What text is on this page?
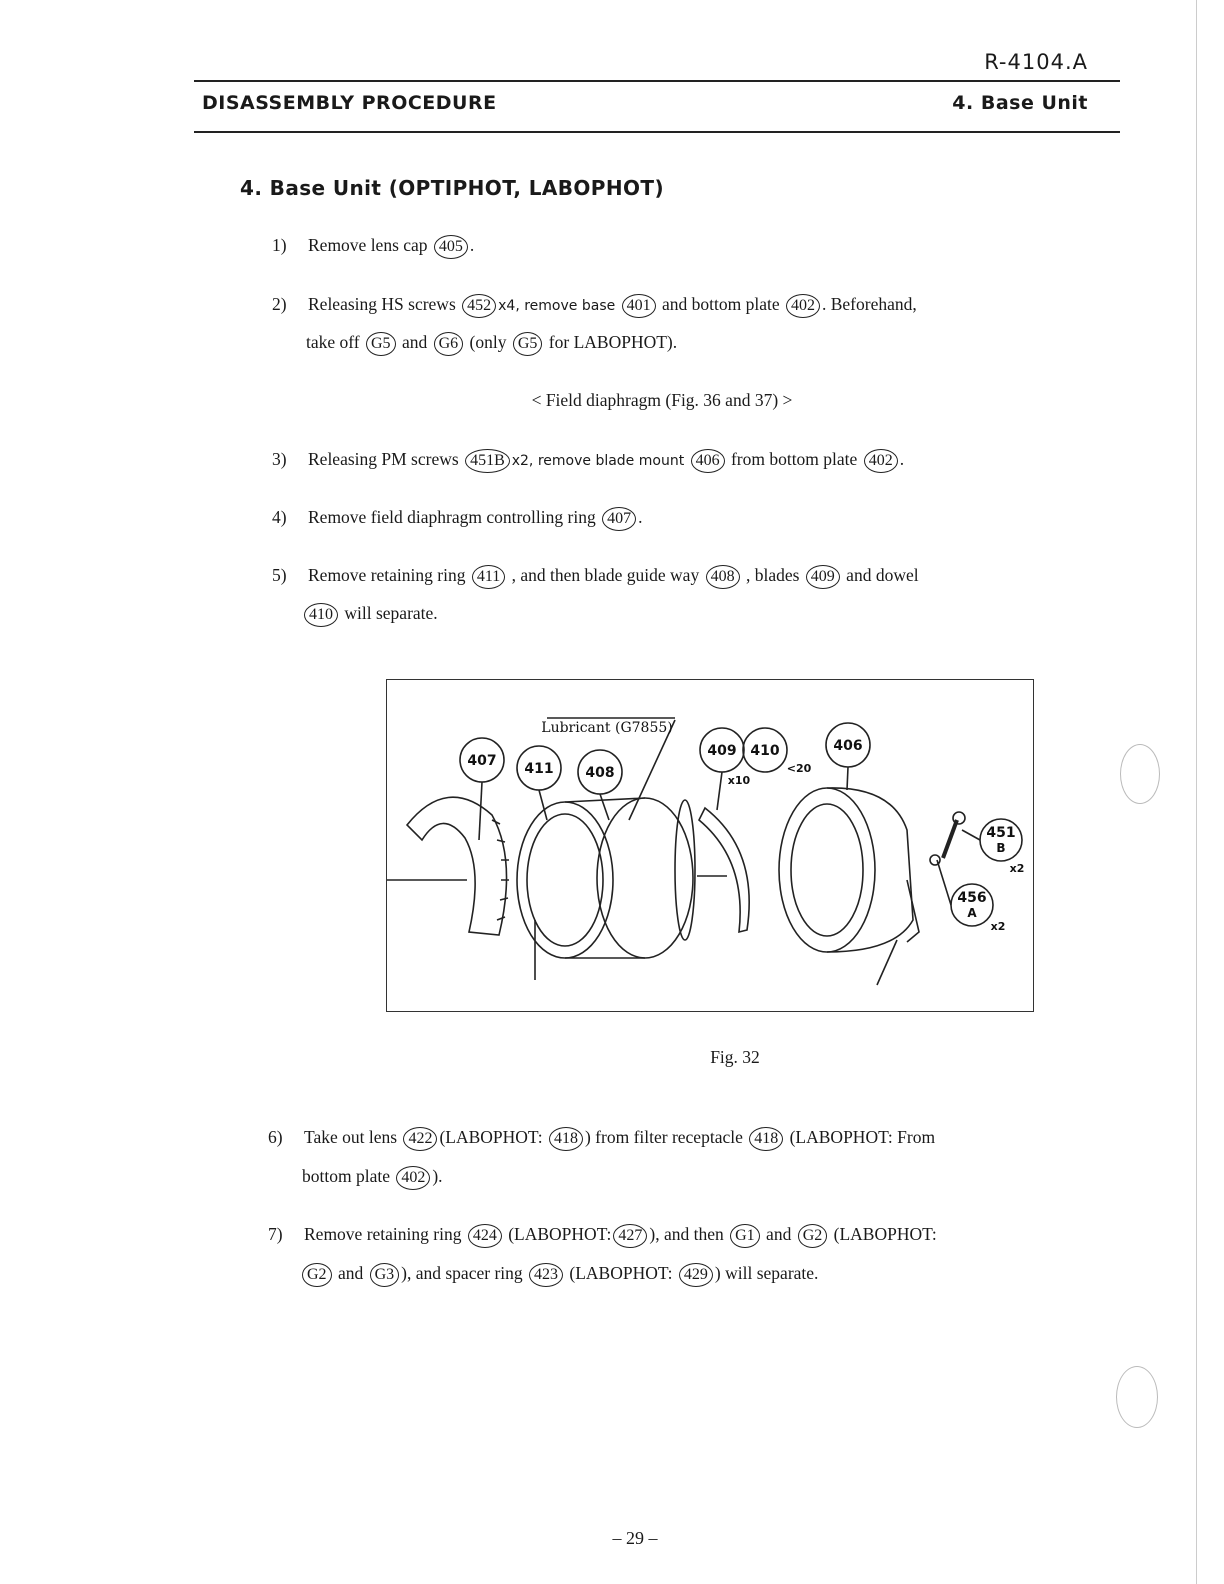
R-4104.A
DISASSEMBLY PROCEDURE	4. Base Unit
4. Base Unit (OPTIPHOT, LABOPHOT)
1)	Remove lens cap 405 .
2)	Releasing HS screws 452 x4, remove base 401 and bottom plate 402 . Beforehand,
take off G5 and G6 (only G5 for LABOPHOT).
< Field diaphragm (Fig. 36 and 37) >
3)	Releasing PM screws 451B x2, remove blade mount 406 from bottom plate 402 .
4)	Remove field diaphragm controlling ring 407 .
5)	Remove retaining ring 411 , and then blade guide way 408 , blades 409 and dowel
410 will separate.
407 411 408
409 410	406
451
B
456
A
Lubricant (G7855)
x10
<20
x2
x2
Fig. 32
6)	Take out lens 422 (LABOPHOT: 418 ) from filter receptacle 418 (LABOPHOT: From
bottom plate 402 ).
7)	Remove retaining ring 424 (LABOPHOT: 427 ), and then G1 and G2 (LABOPHOT:
G2 and G3 ), and spacer ring 423 (LABOPHOT: 429 ) will separate.
– 29 –
